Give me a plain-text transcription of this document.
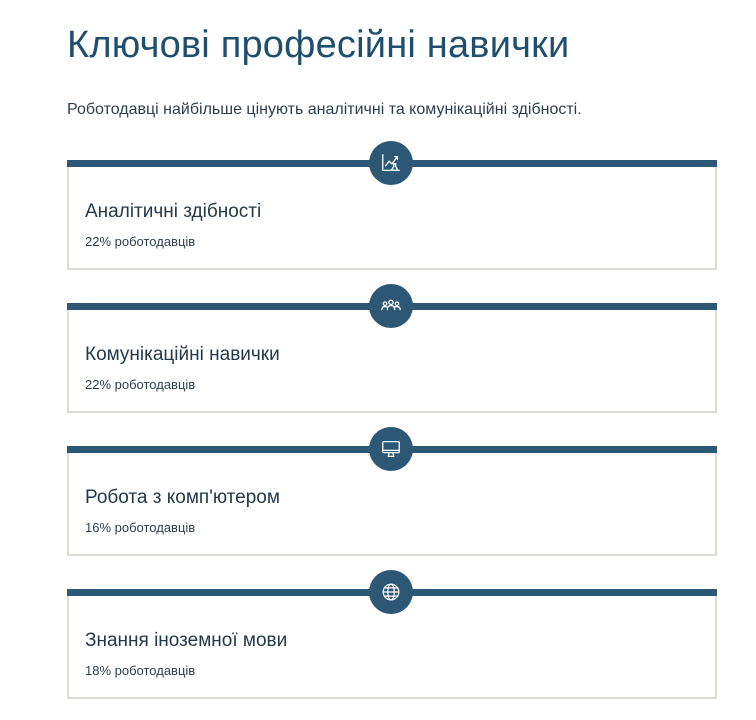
Ключові професійні навички

Роботодавці найбільше цінують аналітичні та комунікаційні здібності.

Аналітичні здібності
22% роботодавців
Комунікаційні навички
22% роботодавців
Робота з комп'ютером
16% роботодавців
Знання іноземної мови
18% роботодавців
